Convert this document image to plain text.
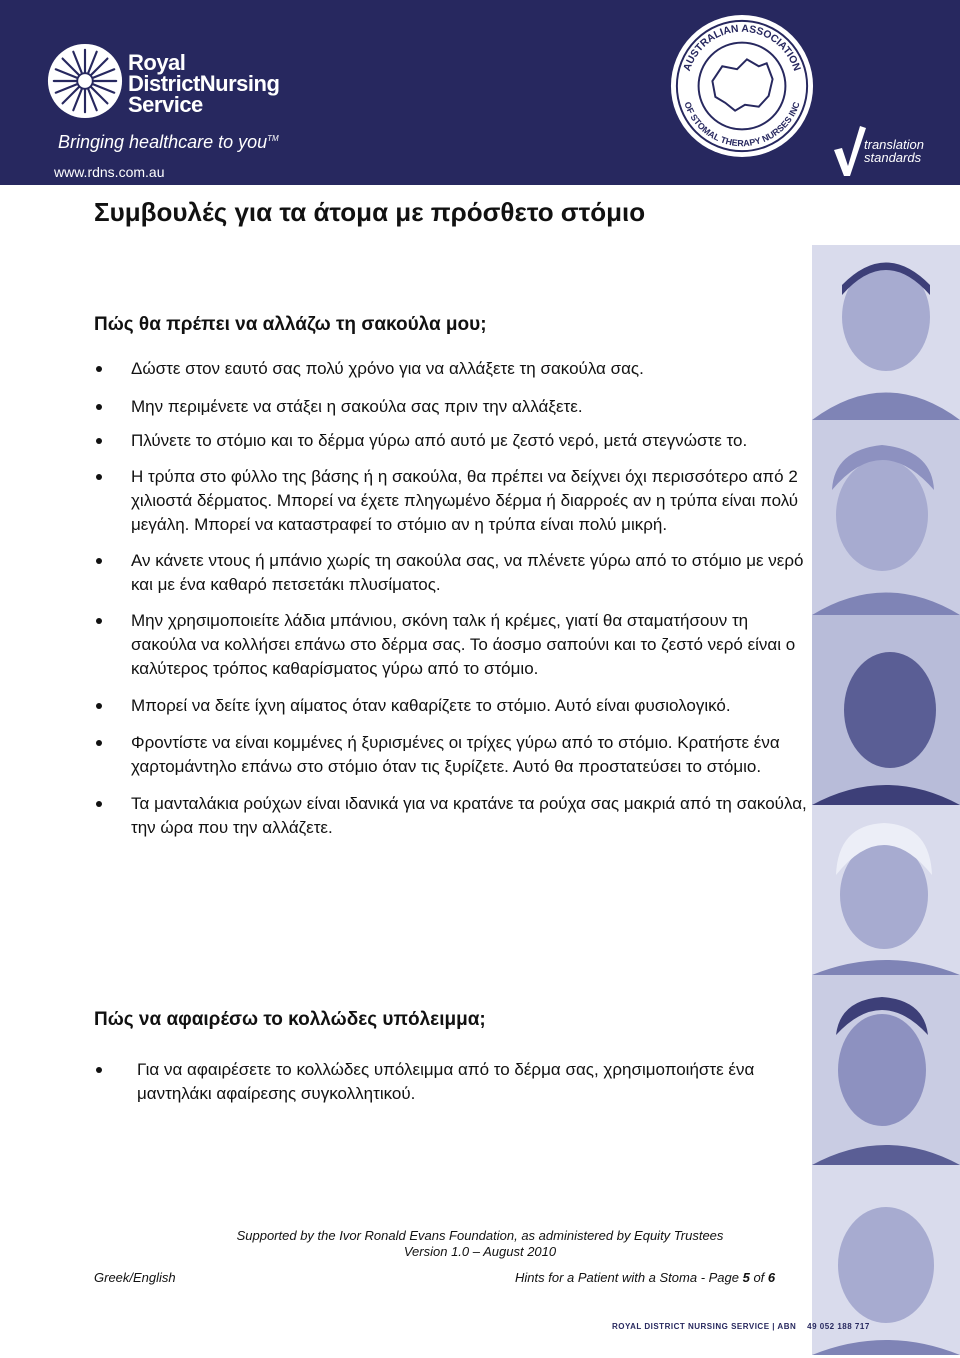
Royal
DistrictNursing
Service
Bringing healthcare to you™
www.rdns.com.au
AUSTRALIAN ASSOCIATION
OF STOMAL THERAPY NURSES INC
translation
standards
Συμβουλές για τα άτομα με πρόσθετο στόμιο
Πώς θα πρέπει να αλλάζω τη σακούλα μου;
Δώστε στον εαυτό σας πολύ χρόνο για να αλλάξετε τη σακούλα σας.
Μην περιμένετε να στάξει η σακούλα σας πριν την αλλάξετε.
Πλύνετε το στόμιο και το δέρμα γύρω από αυτό με ζεστό νερό, μετά στεγνώστε το.
Η τρύπα στο φύλλο της βάσης ή η σακούλα, θα πρέπει να δείχνει όχι περισσότερο από 2 χιλιοστά δέρματος. Μπορεί να έχετε πληγωμένο δέρμα ή διαρροές αν η τρύπα είναι πολύ μεγάλη. Μπορεί να καταστραφεί το στόμιο αν η τρύπα είναι πολύ μικρή.
Αν κάνετε ντους ή μπάνιο χωρίς τη σακούλα σας, να πλένετε γύρω από το στόμιο με νερό και με ένα καθαρό πετσετάκι πλυσίματος.
Μην χρησιμοποιείτε λάδια μπάνιου, σκόνη ταλκ ή κρέμες, γιατί θα σταματήσουν τη σακούλα να κολλήσει επάνω στο δέρμα σας. Το άοσμο σαπούνι και το ζεστό νερό είναι ο καλύτερος τρόπος καθαρίσματος γύρω από το στόμιο.
Μπορεί να δείτε ίχνη αίματος όταν καθαρίζετε το στόμιο. Αυτό είναι φυσιολογικό.
Φροντίστε να είναι κομμένες ή ξυρισμένες οι τρίχες γύρω από το στόμιο. Κρατήστε ένα χαρτομάντηλο επάνω στο στόμιο όταν τις ξυρίζετε. Αυτό θα προστατεύσει το στόμιο.
Τα μανταλάκια ρούχων είναι ιδανικά για να κρατάνε τα ρούχα σας μακριά από τη σακούλα, την ώρα που την αλλάζετε.
Πώς να αφαιρέσω το κολλώδες υπόλειμμα;
Για να αφαιρέσετε το κολλώδες υπόλειμμα από το δέρμα σας, χρησιμοποιήστε ένα μαντηλάκι αφαίρεσης συγκολλητικού.
Supported by the Ivor Ronald Evans Foundation, as administered by Equity Trustees
Version 1.0 – August 2010
Greek/English	Hints for a Patient with a Stoma - Page 5 of 6
ROYAL DISTRICT NURSING SERVICE | ABN 49 052 188 717
